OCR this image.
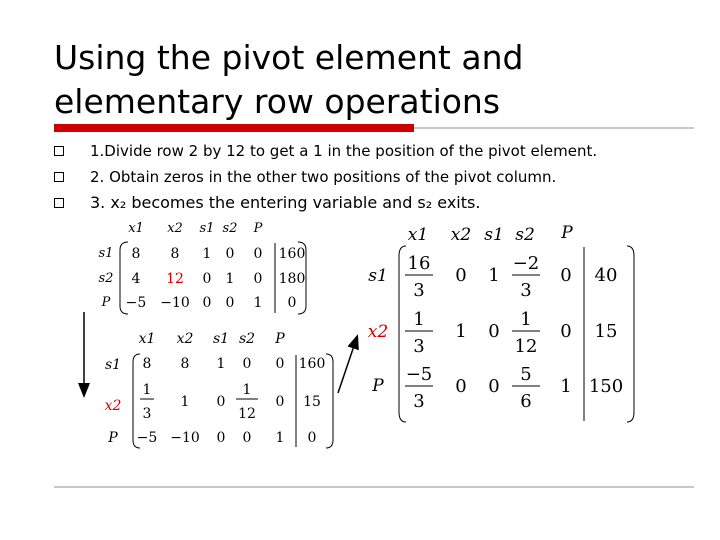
Using the pivot element and
elementary row operations
1.Divide row 2 by 12 to get a 1 in the position of the pivot element.
2. Obtain zeros in the other two positions of the pivot column.
3. x₂ becomes the entering variable and s₂ exits.
x1 x2 s1 s2 P
s1
s2
P
8 8 1 0 0 160
4 12 0 1 0 180
−5 −10 0 0 1 0
x1 x2 s1 s2 P
s1
x2
P
8 8 1 0 0 160
1
3
1 0
1
12
0 15
−5 −10 0 0 1 0
x1 x2 s1 s2 P
s1
x2
P
16
3
0 1
−2
3
0 40
1
3
1 0
1
12
0 15
−5
3
0 0
5
6
1 150
